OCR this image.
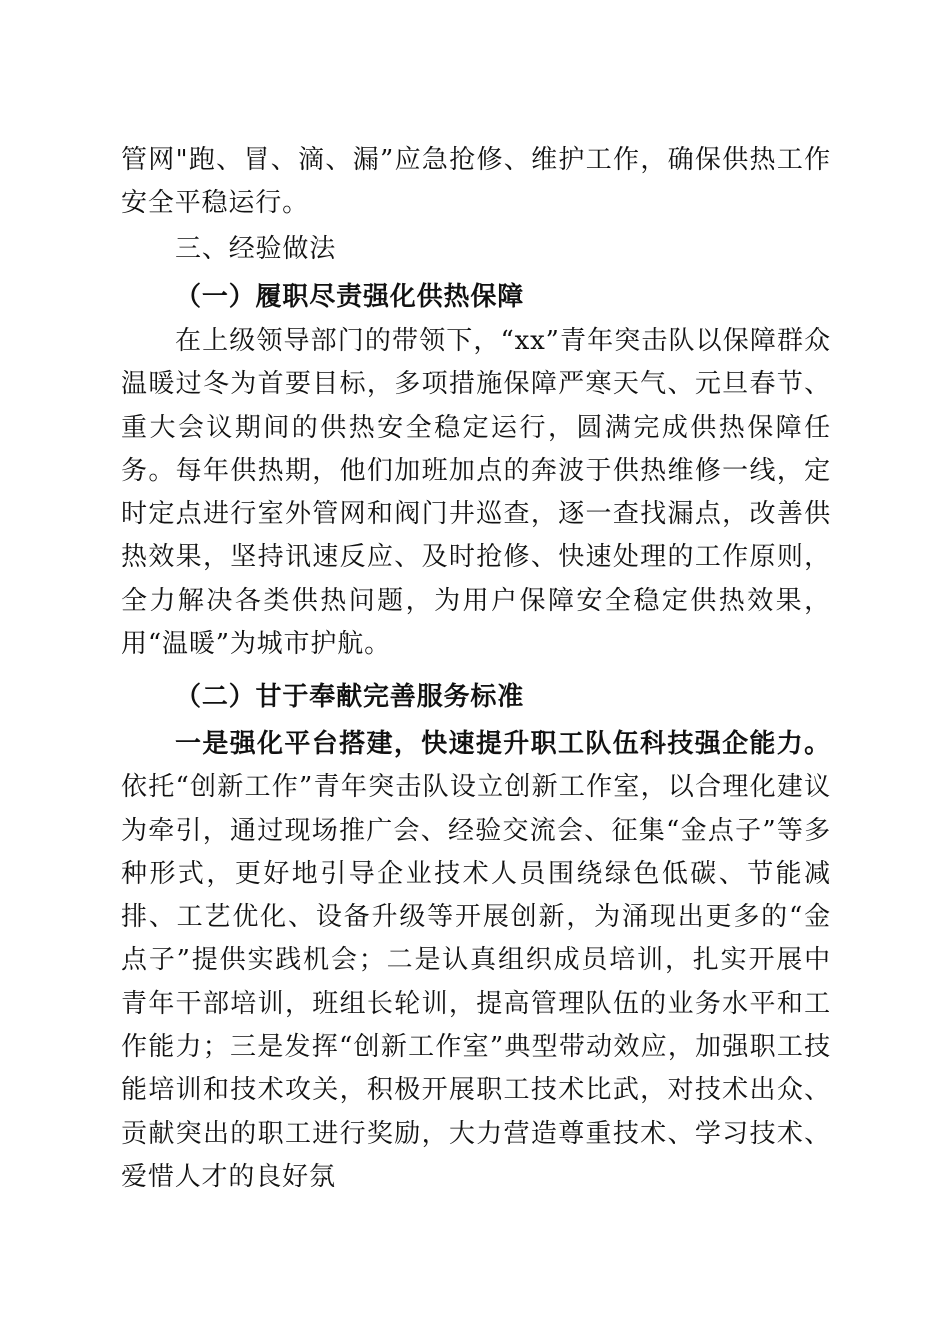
管网"跑、冒、滴、漏”应急抢修、维护工作，确保供热工作安全平稳运行。

三、经验做法

（一）履职尽责强化供热保障

在上级领导部门的带领下，“xx”青年突击队以保障群众温暖过冬为首要目标，多项措施保障严寒天气、元旦春节、重大会议期间的供热安全稳定运行，圆满完成供热保障任务。每年供热期，他们加班加点的奔波于供热维修一线，定时定点进行室外管网和阀门井巡查，逐一查找漏点，改善供热效果，坚持讯速反应、及时抢修、快速处理的工作原则，全力解决各类供热问题，为用户保障安全稳定供热效果，用“温暖”为城市护航。

（二）甘于奉献完善服务标准

一是强化平台搭建，快速提升职工队伍科技强企能力。依托“创新工作”青年突击队设立创新工作室，以合理化建议为牵引，通过现场推广会、经验交流会、征集“金点子”等多种形式，更好地引导企业技术人员围绕绿色低碳、节能减排、工艺优化、设备升级等开展创新，为涌现出更多的“金点子”提供实践机会；二是认真组织成员培训，扎实开展中青年干部培训，班组长轮训，提高管理队伍的业务水平和工作能力；三是发挥“创新工作室”典型带动效应，加强职工技能培训和技术攻关，积极开展职工技术比武，对技术出众、贡献突出的职工进行奖励，大力营造尊重技术、学习技术、爱惜人才的良好氛
